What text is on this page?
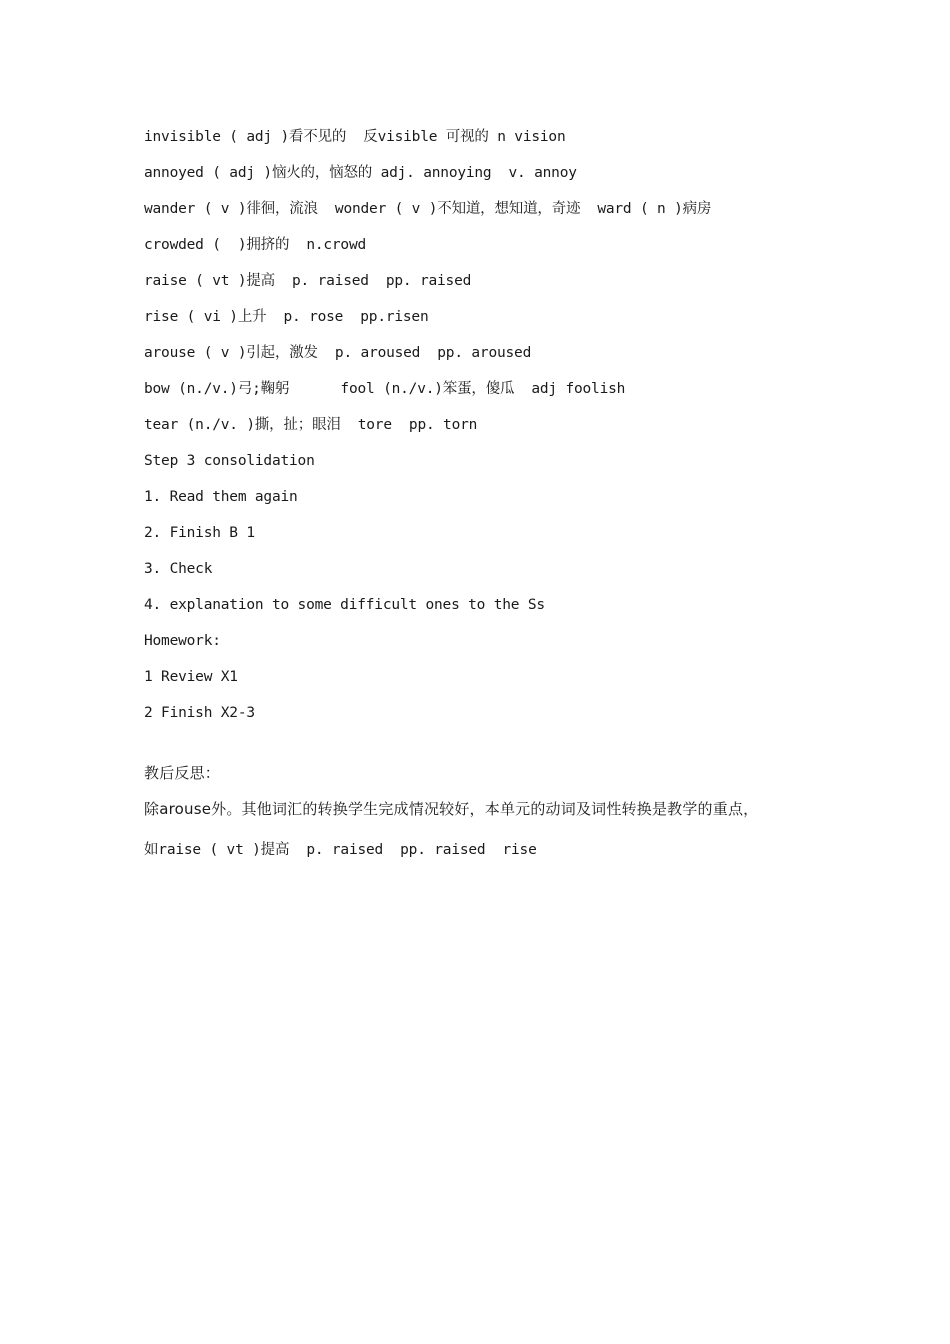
invisible ( adj )看不见的  反visible 可视的 n vision
annoyed ( adj )恼火的，恼怒的 adj. annoying  v. annoy
wander ( v )徘徊，流浪  wonder ( v )不知道，想知道，奇迹  ward ( n )病房
crowded (  )拥挤的  n.crowd
raise ( vt )提高  p. raised  pp. raised
rise ( vi )上升  p. rose  pp.risen
arouse ( v )引起，激发  p. aroused  pp. aroused
bow (n./v.)弓;鞠躬      fool (n./v.)笨蛋，傻瓜  adj foolish
tear (n./v. )撕，扯；眼泪  tore  pp. torn
Step 3 consolidation
1. Read them again
2. Finish B 1
3. Check
4. explanation to some difficult ones to the Ss
Homework:
1 Review X1
2 Finish X2-3
教后反思：
除arouse外。其他词汇的转换学生完成情况较好，本单元的动词及词性转换是教学的重点，
如raise ( vt )提高  p. raised  pp. raised  rise
